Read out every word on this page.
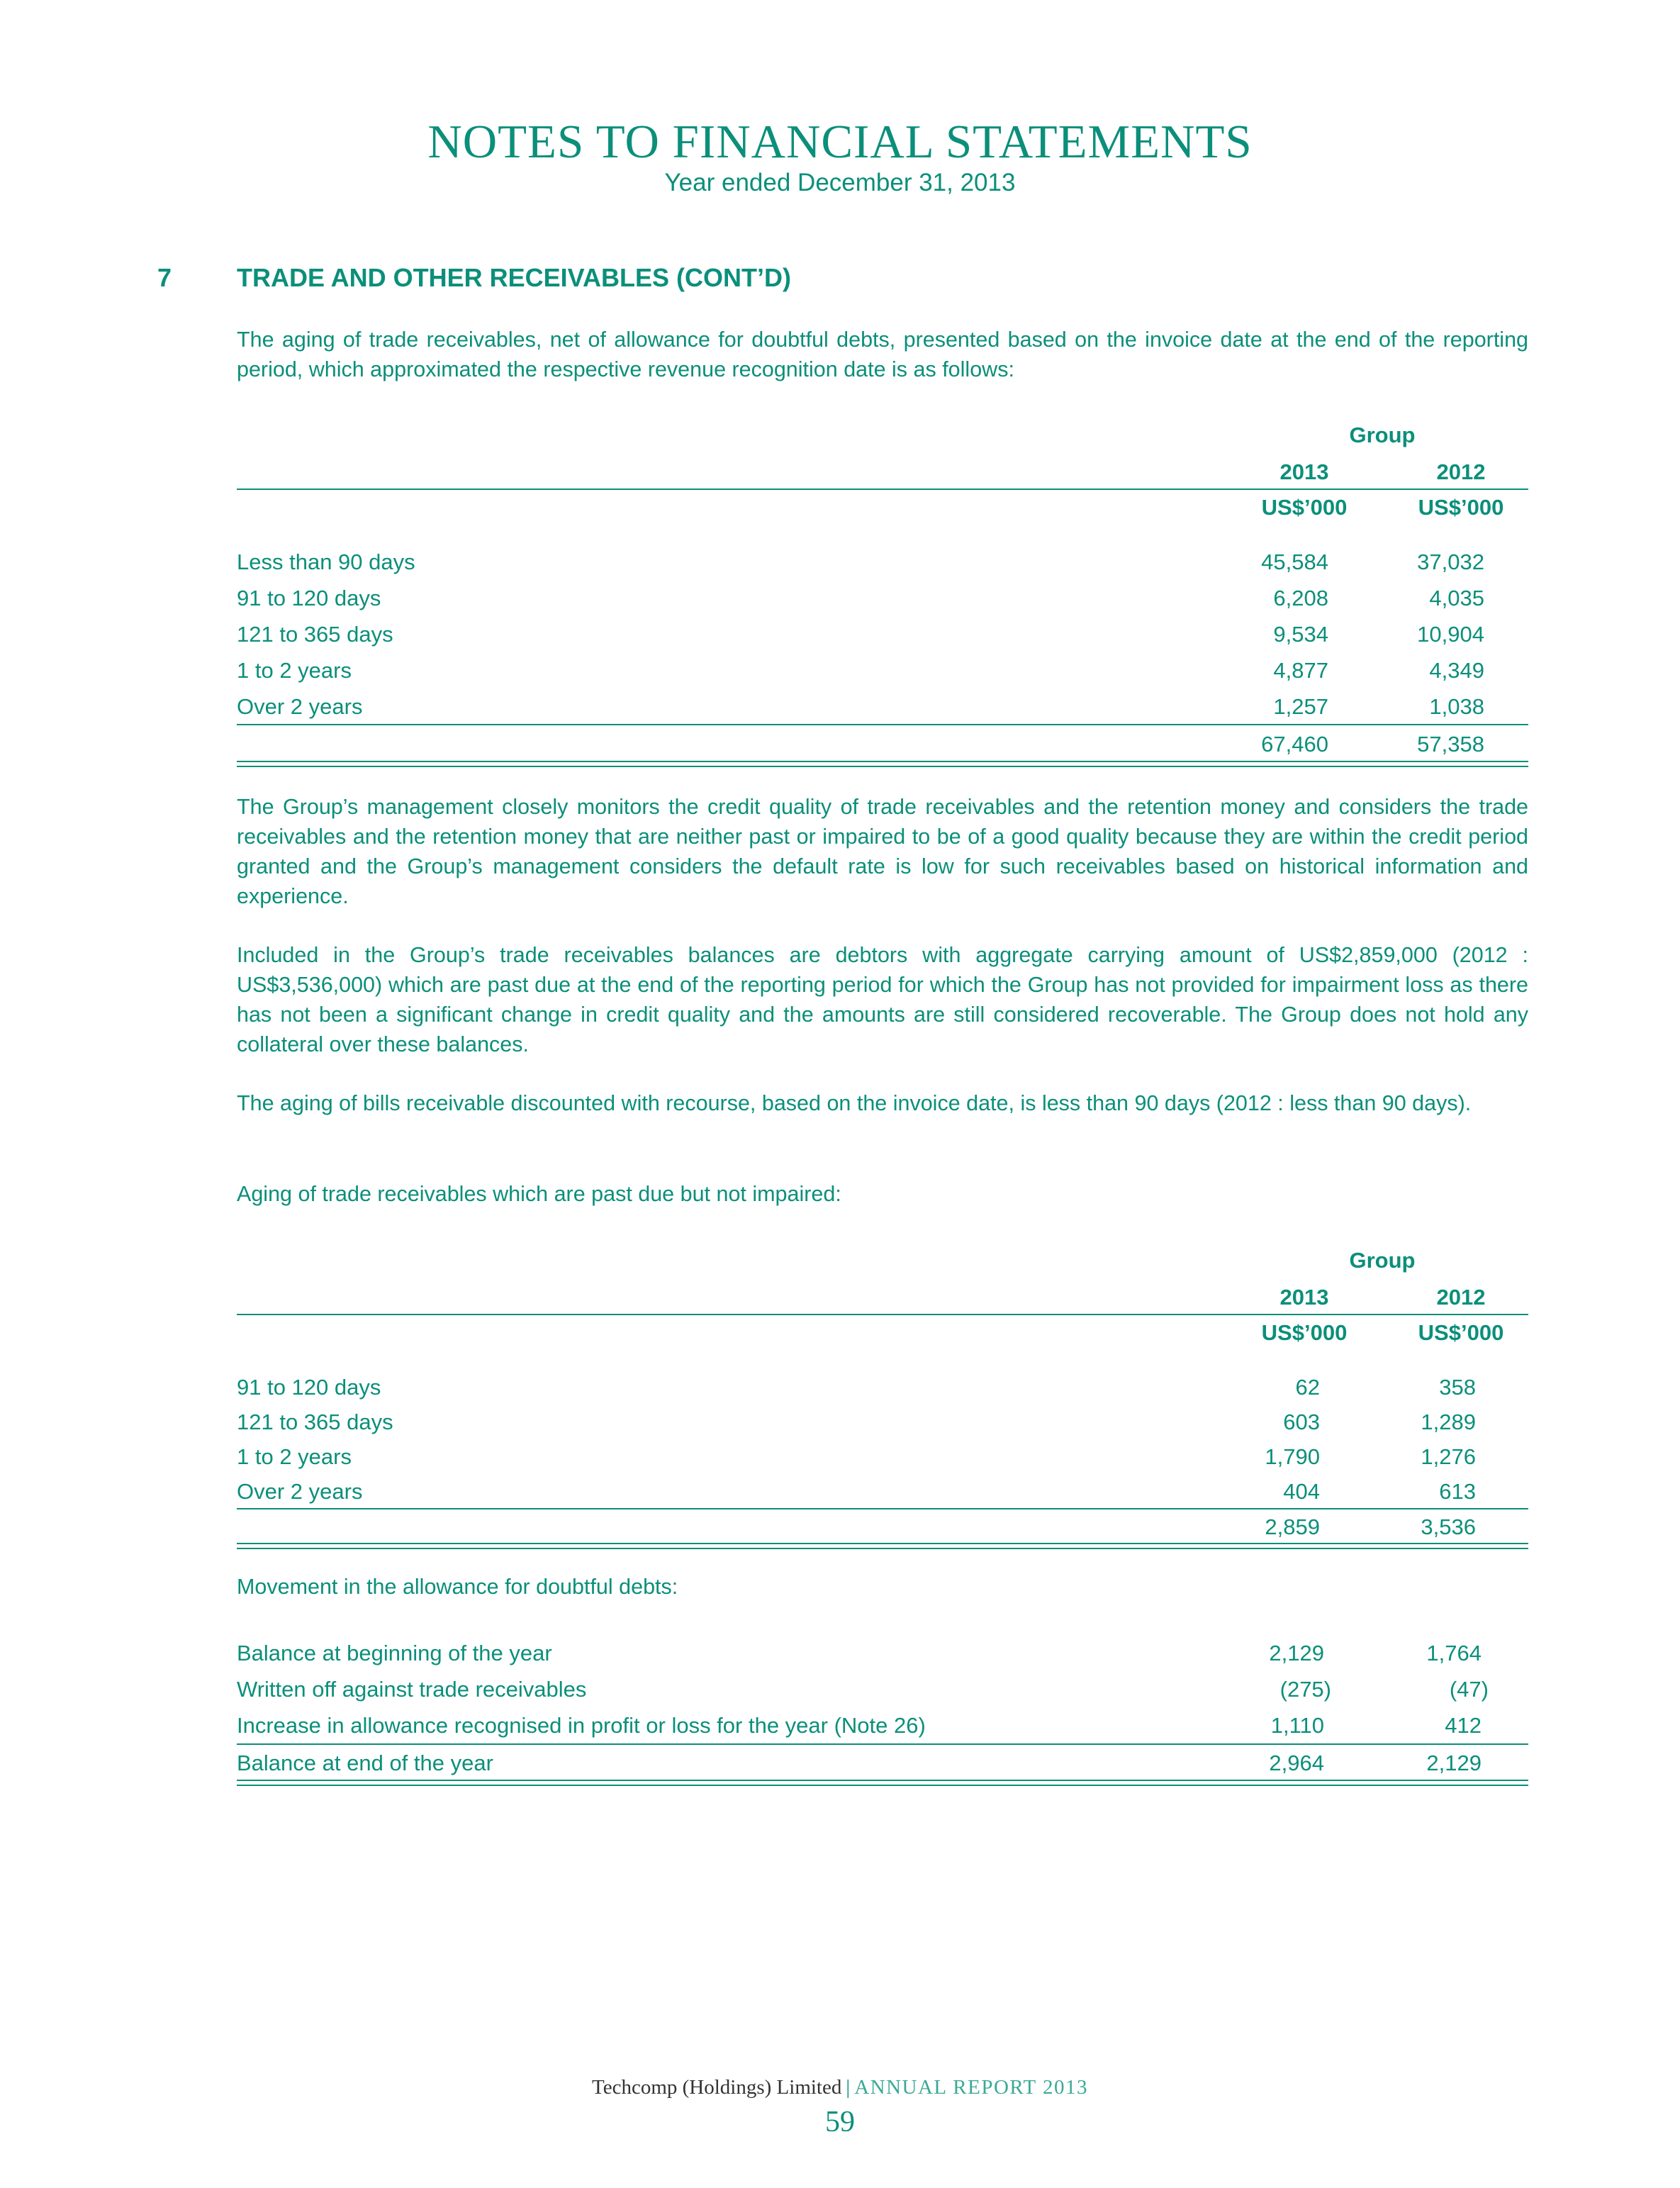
NOTES TO FINANCIAL STATEMENTS
Year ended December 31, 2013
7	TRADE AND OTHER RECEIVABLES (CONT’D)
The aging of trade receivables, net of allowance for doubtful debts, presented based on the invoice date at the end of the reporting period, which approximated the respective revenue recognition date is as follows:
Group
2013	2012
US$’000	US$’000
Less than 90 days	45,584	37,032
91 to 120 days	6,208	4,035
121 to 365 days	9,534	10,904
1 to 2 years	4,877	4,349
Over 2 years	1,257	1,038
67,460	57,358
The Group’s management closely monitors the credit quality of trade receivables and the retention money and considers the trade receivables and the retention money that are neither past or impaired to be of a good quality because they are within the credit period granted and the Group’s management considers the default rate is low for such receivables based on historical information and experience.
Included in the Group’s trade receivables balances are debtors with aggregate carrying amount of US$2,859,000 (2012 : US$3,536,000) which are past due at the end of the reporting period for which the Group has not provided for impairment loss as there has not been a significant change in credit quality and the amounts are still considered recoverable. The Group does not hold any collateral over these balances.
The aging of bills receivable discounted with recourse, based on the invoice date, is less than 90 days (2012 : less than 90 days).
Aging of trade receivables which are past due but not impaired:
Group
2013	2012
US$’000	US$’000
91 to 120 days	62	358
121 to 365 days	603	1,289
1 to 2 years	1,790	1,276
Over 2 years	404	613
2,859	3,536
Movement in the allowance for doubtful debts:
Balance at beginning of the year	2,129	1,764
Written off against trade receivables	(275)	(47)
Increase in allowance recognised in profit or loss for the year (Note 26)	1,110	412
Balance at end of the year	2,964	2,129
Techcomp (Holdings) Limited | ANNUAL REPORT 2013
59
